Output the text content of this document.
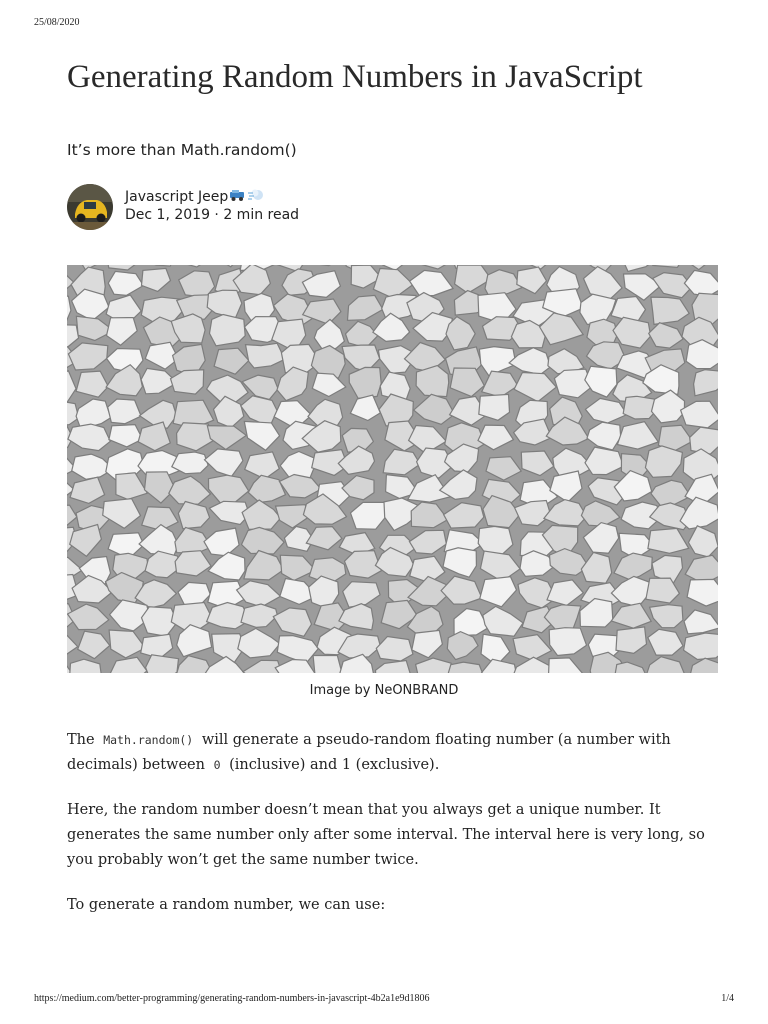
25/08/2020
Generating Random Numbers in JavaScript
It’s more than Math.random()
Javascript Jeep
Dec 1, 2019 · 2 min read
Image by NeONBRAND

The Math.random() will generate a pseudo-random floating number (a number with decimals) between 0 (inclusive) and 1 (exclusive).

Here, the random number doesn’t mean that you always get a unique number. It generates the same number only after some interval. The interval here is very long, so you probably won’t get the same number twice.

To generate a random number, we can use:

https://medium.com/better-programming/generating-random-numbers-in-javascript-4b2a1e9d1806	1/4
